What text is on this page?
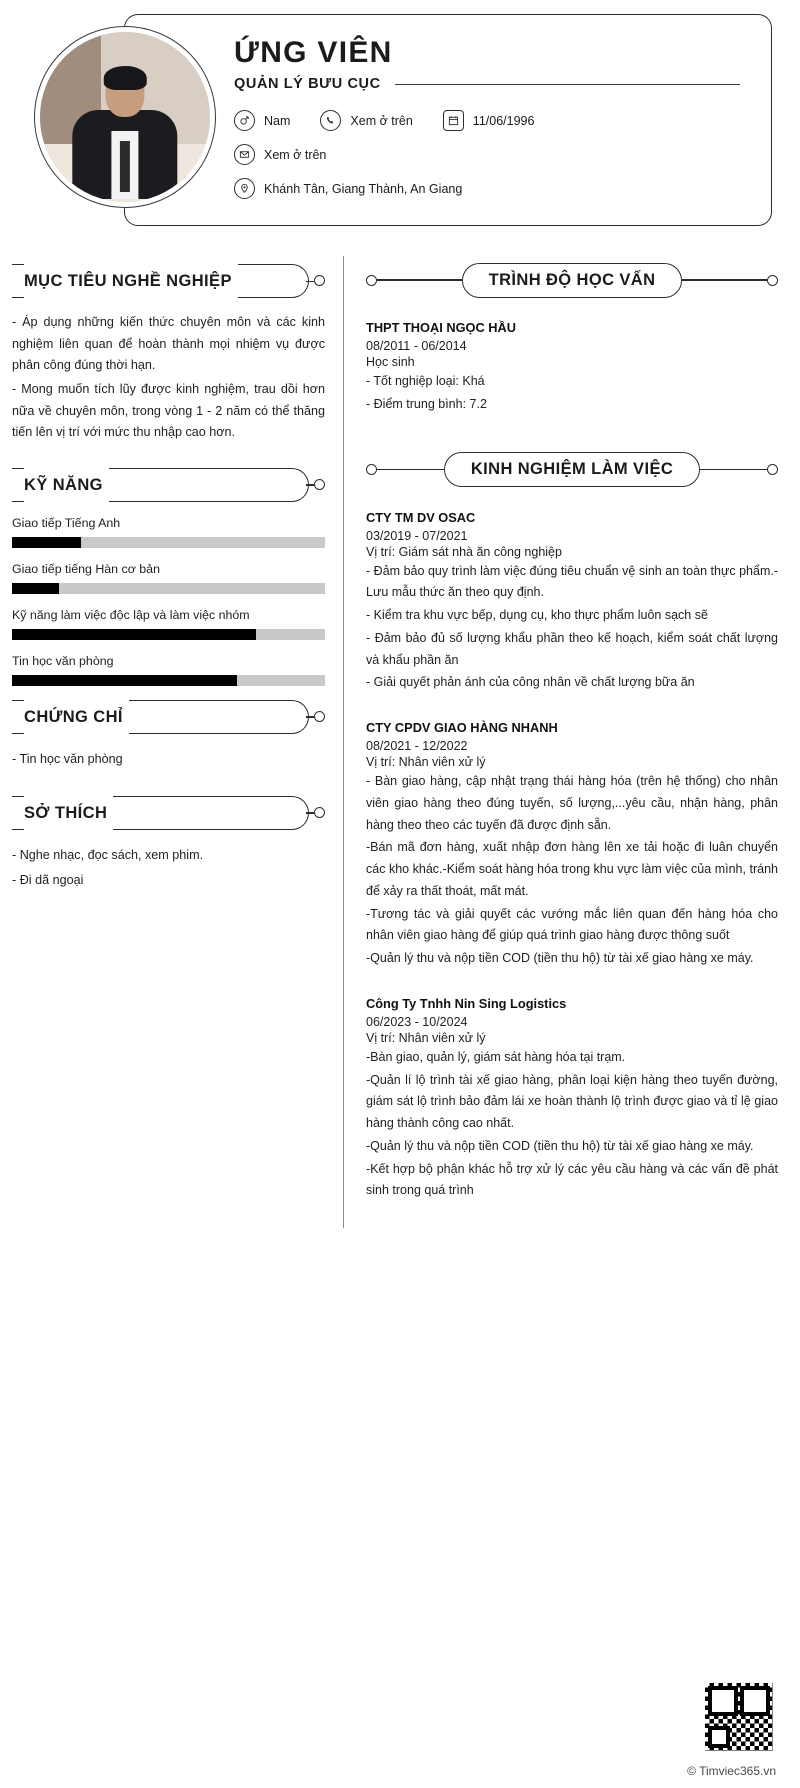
ỨNG VIÊN
QUẢN LÝ BƯU CỤC
Nam	Xem ở trên	11/06/1996
Xem ở trên
Khánh Tân, Giang Thành, An Giang
MỤC TIÊU NGHỀ NGHIỆP

- Áp dụng những kiến thức chuyên môn và các kinh nghiệm liên quan để hoàn thành mọi nhiệm vụ được phân công đúng thời hạn.

- Mong muốn tích lũy được kinh nghiệm, trau dồi hơn nữa về chuyên môn, trong vòng 1 - 2 năm có thể thăng tiến lên vị trí với mức thu nhập cao hơn.

KỸ NĂNG
Giao tiếp Tiếng Anh
Giao tiếp tiếng Hàn cơ bản
Kỹ năng làm việc độc lập và làm việc nhóm
Tin học văn phòng
CHỨNG CHỈ
- Tin học văn phòng
SỞ THÍCH
- Nghe nhạc, đọc sách, xem phim.
- Đi dã ngoại
TRÌNH ĐỘ HỌC VẤN
THPT THOẠI NGỌC HẦU
08/2011 - 06/2014
Học sinh
- Tốt nghiệp loại: Khá
- Điểm trung bình: 7.2
KINH NGHIỆM LÀM VIỆC
CTY TM DV OSAC
03/2019 - 07/2021
Vị trí: Giám sát nhà ăn công nghiệp
- Đảm bảo quy trình làm việc đúng tiêu chuẩn vệ sinh an toàn thực phẩm.- Lưu mẫu thức ăn theo quy định.
- Kiểm tra khu vực bếp, dụng cụ, kho thực phẩm luôn sạch sẽ
- Đảm bảo đủ số lượng khẩu phần theo kế hoạch, kiểm soát chất lượng và khẩu phần ăn
- Giải quyết phản ánh của công nhân về chất lượng bữa ăn
CTY CPDV GIAO HÀNG NHANH
08/2021 - 12/2022
Vị trí: Nhân viên xử lý
- Bàn giao hàng, cập nhật trạng thái hàng hóa (trên hệ thống) cho nhân viên giao hàng theo đúng tuyến, số lượng,...yêu cầu, nhận hàng, phân hàng theo theo các tuyến đã được định sẵn.
-Bán mã đơn hàng, xuất nhập đơn hàng lên xe tải hoặc đi luân chuyển các kho khác.-Kiểm soát hàng hóa trong khu vực làm việc của mình, tránh để xảy ra thất thoát, mất mát.
-Tương tác và giải quyết các vướng mắc liên quan đến hàng hóa cho nhân viên giao hàng để giúp quá trình giao hàng được thông suốt
-Quản lý thu và nộp tiền COD (tiền thu hộ) từ tài xế giao hàng xe máy.
Công Ty Tnhh Nin Sing Logistics
06/2023 - 10/2024
Vị trí: Nhân viên xử lý
-Bàn giao, quản lý, giám sát hàng hóa tại trạm.
-Quản lí lộ trình tài xế giao hàng, phân loại kiện hàng theo tuyến đường, giám sát lộ trình bảo đảm lái xe hoàn thành lộ trình được giao và tỉ lệ giao hàng thành công cao nhất.
-Quản lý thu và nộp tiền COD (tiền thu hộ) từ tài xế giao hàng xe máy.
-Kết hợp bộ phận khác hỗ trợ xử lý các yêu cầu hàng và các vấn đề phát sinh trong quá trình
© Timviec365.vn
